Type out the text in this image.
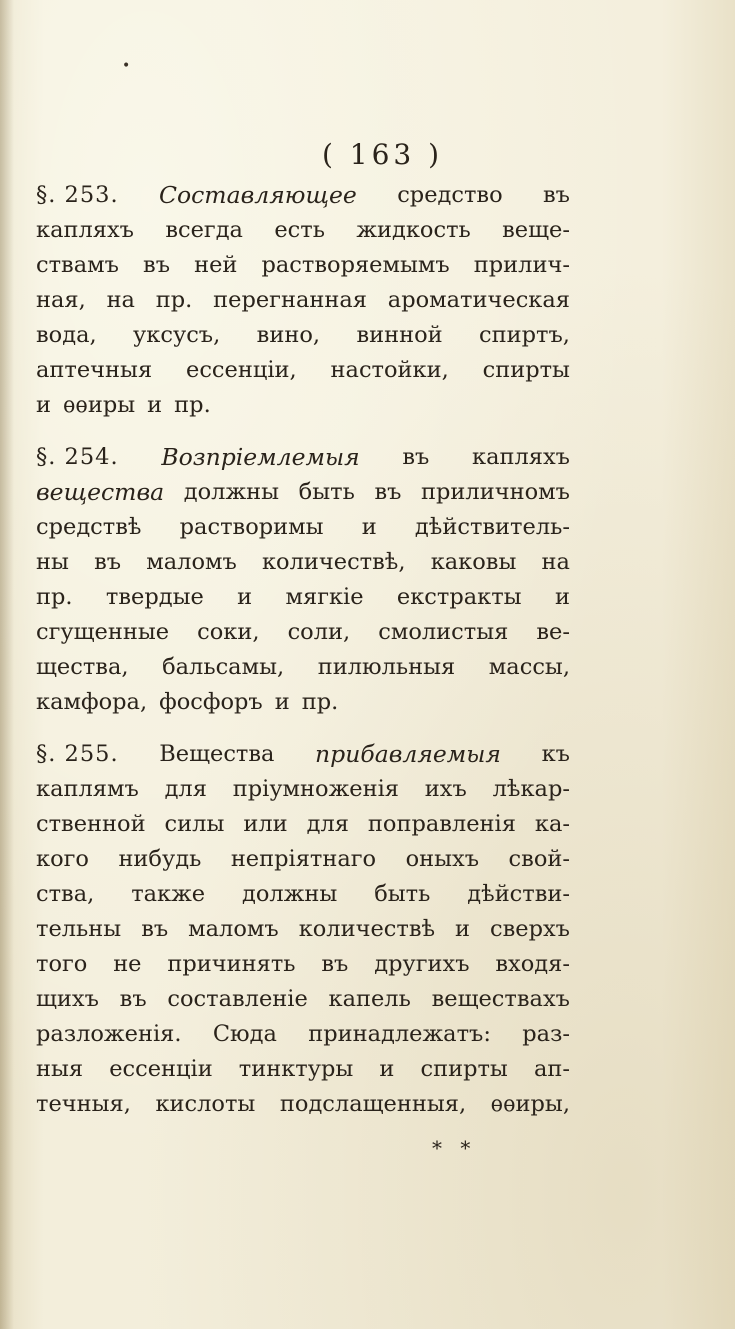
•
( 163 )
§. 253. Составляющее средство въ
капляхъ всегда есть жидкость веще-
ствамъ въ ней растворяемымъ прилич-
ная, на пр. перегнанная ароматическая
вода, уксусъ, вино, винной спиртъ,
аптечныя ессенціи, настойки, спирты
и ѳѳиры и пр.
§. 254. Возпріемлемыя въ капляхъ
вещества должны быть въ приличномъ
средствѣ растворимы и дѣйствитель-
ны въ маломъ количествѣ, каковы на
пр. твердые и мягкіе екстракты и
сгущенные соки, соли, смолистыя ве-
щества, бальсамы, пилюльныя массы,
камфора, фосфоръ и пр.
§. 255. Вещества прибавляемыя къ
каплямъ для пріумноженія ихъ лѣкар-
ственной силы или для поправленія ка-
кого нибудь непріятнаго оныхъ свой-
ства, также должны быть дѣйстви-
тельны въ маломъ количествѣ и сверхъ
того не причинять въ другихъ входя-
щихъ въ составленіе капель веществахъ
разложенія. Сюда принадлежатъ: раз-
ныя ессенціи тинктуры и спирты ап-
течныя, кислоты подслащенныя, ѳѳиры,
* *
